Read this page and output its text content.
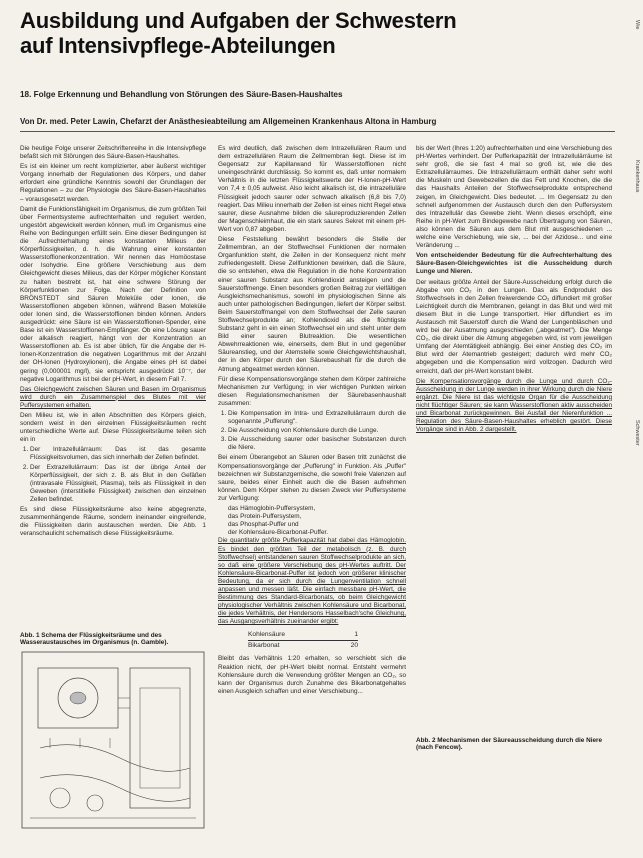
Ausbildung und Aufgaben der Schwestern
auf Intensivpflege-Abteilungen
18. Folge Erkennung und Behandlung von Störungen des Säure-Basen-Haushaltes
Von Dr. med. Peter Lawin, Chefarzt der Anästhesieabteilung am Allgemeinen Krankenhaus Altona in Hamburg

Die heutige Folge unserer Zeitschriftenreihe in die Intensivpflege befaßt sich mit Störungen des Säure-Basen-Haushaltes.

Es ist ein kleiner um recht komplizierter, aber äußerst wichtiger Vorgang innerhalb der Regulationen des Körpers, und daher erfordert eine gründliche Kenntnis sowohl der Grundlagen der Regulationen – zu der Physiologie des Säure-Basen-Haushaltes – vorausgesetzt werden.

Damit die Funktionsfähigkeit im Organismus, die zum größten Teil über Fermentsysteme aufrechterhalten und reguliert werden, ungestört abgewickelt werden können, muß im Organismus eine Reihe von Bedingungen erfüllt sein. Eine dieser Bedingungen ist die Aufrechterhaltung eines konstanten Milieus der Körperflüssigkeiten, d. h. die Wahrung einer konstanten Wasserstoffionenkonzentration. Wir nennen das Homöostase oder Isohydrie. Eine größere Verschiebung aus dem Gleichgewicht dieses Milieus, das der Körper möglicher Konstant zu halten bestrebt ist, hat eine schwere Störung der Körperfunktionen zur Folge. Nach der Definition von BRÖNSTEDT sind Säuren Moleküle oder Ionen, die Wasserstoffionen abgeben können, während Basen Moleküle oder Ionen sind, die Wasserstoffionen binden können. Anders ausgedrückt: eine Säure ist ein Wasserstoffionen-Spender, eine Base ist ein Wasserstoffionen-Empfänger. Ob eine Lösung sauer oder alkalisch reagiert, hängt von der Konzentration an Wasserstoffionen ab. Es ist aber üblich, für die Angabe der H-Ionen-Konzentration die negativen Logarithmus mit der Anzahl der OH-Ionen (Hydroxylionen), die Angabe eines pH ist dabei gering (0,000001 mg/l), sie entspricht ausgedrückt 10⁻⁷, der negative Logarithmus ist bei der pH-Wert, in diesem Fall 7.

Das Gleichgewicht zwischen Säuren und Basen im Organismus wird durch ein Zusammenspiel des Blutes mit vier Puffersystemen erhalten.

Den Milieu ist, wie in allen Abschnitten des Körpers gleich, sondern weist in den einzelnen Flüssigkeitsräumen recht unterschiedliche Werte auf. Diese Flüssigkeitsräume teilen sich ein in

1. Der Intrazellulärraum: Das ist das gesamte Flüssigkeitsvolumen, das sich innerhalb der Zellen befindet.
2. Der Extrazellulärraum: Das ist der übrige Anteil der Körperflüssigkeit, der sich z. B. als Blut in den Gefäßen (intravasale Flüssigkeit, Plasma), teils als Flüssigkeit in den Geweben (interstitielle Flüssigkeit) zwischen den einzelnen Zellen befindet.

Es sind diese Flüssigkeitsräume also keine abgegrenzte, zusammenhängende Räume, sondern ineinander eingreifende, die Flüssigkeiten darin austauschen werden. Die Abb. 1 veranschaulicht schematisch diese Flüssigkeitsräume.

Abb. 1 Schema der Flüssigkeitsräume und des Wasseraustausches im Organismus (n. Gamble).

Es wird deutlich, daß zwischen dem Intrazellulären Raum und dem extrazellulären Raum die Zellmembran liegt. Diese ist im Gegensatz zur Kapillarwand für Wasserstoffionen nicht uneingeschränkt durchlässig. So kommt es, daß unter normalem Verhältnis in die letzten Flüssigkeitswerte der H-Ionen-pH-Wert von 7,4 ± 0,05 aufweist. Also leicht alkalisch ist, die intrazelluläre Flüssigkeit jedoch saurer oder schwach alkalisch (6,8 bis 7,0) reagiert. Das Milieu innerhalb der Zellen ist eines nicht Regel etwa saurer, diese Ausnahme bilden die säureproduzierenden Zellen der Magenschleimhaut, die ein stark saures Sekret mit einem pH-Wert von 0,87 abgeben.

Diese Feststellung bewährt besonders die Stelle der Zellmembran, an der Stoffwechsel Funktionen der normalen Organfunktion steht, die Zellen in der Konsequenz nicht mehr zufriedengestellt. Diese Zellfunktionen bewirken, daß die Säure, die so entstehen, etwa die Regulation in die hohe Konzentration einer sauren Substanz aus Kohlendioxid ansteigen und die Sauerstoffmenge. Einen besonders großen Beitrag zur vielfältigen Ausgleichsmechanismus, sowohl im physiologischen Sinne als auch unter pathologischen Bedingungen, liefert der Körper selbst. Beim Sauerstoffmangel von dem Stoffwechsel der Zelle sauren Stoffwechselprodukte an; Kohlendioxid als die flüchtigste Substanz geht in ein einen Stoffwechsel ein und steht unter dem Bild einer sauren Blutreaktion. Die wesentlichen Abwehrreaktionen wie, einerseits, dem Blut in und gegenüber Säureanstieg, und der Atemstelle sowie Gleichgewichtshaushalt, der in den Körper durch den Säurebaushalt für die durch die Atmung abgeatmet werden können.

Für diese Kompensationsvorgänge stehen dem Körper zahlreiche Mechanismen zur Verfügung; in vier wichtigen Punkten wirken diesen Regulationsmechanismen der Säurebasenhaushalt zusammen:

1. Die Kompensation im Intra- und Extrazellulärraum durch die sogenannte „Pufferung".
2. Die Ausscheidung von Kohlensäure durch die Lunge.
3. Die Ausscheidung saurer oder basischer Substanzen durch die Niere.

Bei einem Überangebot an Säuren oder Basen tritt zunächst die Kompensationsvorgänge der „Pufferung" in Funktion. Als „Puffer" bezeichnen wir Substanzgemische, die sowohl freie Valenzen auf saure, beides einer Einheit auch die die Basen aufnehmen können. Dem Körper stehen zu diesen Zweck vier Puffersysteme zur Verfügung:

das Hämoglobin-Puffersystem,
das Protein-Puffersystem,
das Phosphat-Puffer und
der Kohlensäure-Bicarbonat-Puffer.

Die quantitativ größte Pufferkapazität hat dabei das Hämoglobin. Es bindet den größten Teil der metabolisch (z. B. durch Stoffwechsel) entstandenen sauren Stoffwechselprodukte an sich, so daß eine größere Verschiebung des pH-Wertes auftritt. Der Kohlensäure-Bicarbonat-Puffer ist jedoch von größerer klinischer Bedeutung, da er sich durch die Lungenventilation schnell anpassen und messen läßt. Die einfach messbare pH-Wert, die Bestimmung des Standard-Bicarbonats, ob beim Gleichgewicht physiologischer Verhältnis zwischen Kohlensäure und Bicarbonat, die jedes Verhältnis, der Hendersons Hasselbach'sche Gleichung, das Ausgangsverhältnis zueinander ergibt:

Kohlensäure	1
Bikarbonat	20

Bleibt das Verhältnis 1:20 erhalten, so verschiebt sich die Reaktion nicht, der pH-Wert bleibt normal. Entsteht vermehrt Kohlensäure durch die Verwendung größter Mengen an CO₂, so kann der Organismus durch Zunahme des Bikarbonatgehaltes einen Ausgleich schaffen und einer Verschiebung...

bis der Wert (Ihres 1:20) aufrechterhalten und eine Verschiebung des pH-Wertes verhindert. Der Pufferkapazität der Intrazellulärräume ist sehr groß, die sie fast 4 mal so groß ist, wie die des Extrazellulärraumes. Die Intrazellulärraum enthält daher sehr wohl die Muskeln und Gewebezellen die das Fett und Knochen, die die das Haushalts Anteilen der Stoffwechselprodukte entsprechend zeigen, im Gleichgewicht. Dies bedeutet. ... Im Gegensatz zu den schnell aufgenommen der Austausch durch den den Puffersystem des Intrazellulär das Gewebe zieht. Wenn dieses erschöpft, eine Reihe in pH-Wert zum Bindegewebe nach Übertragung von Säuren, also können die Säuren aus dem Blut mit ausgeschiedenen ... welche eine Verschiebung, wie sie, ... bei der Azidose... und eine Veränderung ...

Von entscheidender Bedeutung für die Aufrechterhaltung des Säure-Basen-Gleichgewichtes ist die Ausscheidung durch Lunge und Nieren.

Der weitaus größte Anteil der Säure-Ausscheidung erfolgt durch die Abgabe von CO₂ in den Lungen. Das als Endprodukt des Stoffwechsels in den Zellen freiwerdende CO₂ diffundiert mit großer Leichtigkeit durch die Membranen, gelangt in das Blut und wird mit diesem Blut in die Lunge transportiert. Hier diffundiert es im Austausch mit Sauerstoff durch die Wand der Lungenbläschen und wird bei der Ausatmung ausgeschieden („abgeatmet"). Die Menge CO₂, die direkt über die Atmung abgegeben wird, ist vom jeweiligen Umfang der Atemtätigkeit abhängig. Bei einer Anstieg des CO₂ im Blut wird der Atemantrieb gesteigert; dadurch wird mehr CO₂ abgegeben und die Kompensation wird vollzogen. Dadurch wird erreicht, daß der pH-Wert konstant bleibt.

Die Kompensationsvorgänge durch die Lunge und durch CO₂-Ausscheidung in der Lunge werden in ihrer Wirkung durch die Niere ergänzt. Die Niere ist das wichtigste Organ für die Ausscheidung nicht flüchtiger Säuren; sie kann Wasserstoffionen aktiv ausscheiden und Bicarbonat zurückgewinnen. Bei Ausfall der Nierenfunktion ... Regulation des Säure-Basen-Haushaltes erheblich gestört. Diese Vorgänge sind in Abb. 2 dargestellt.

Abb. 2 Mechanismen der Säureausscheidung durch die Niere (nach Fencow).
Wie
Krankenhaus
Schwester
